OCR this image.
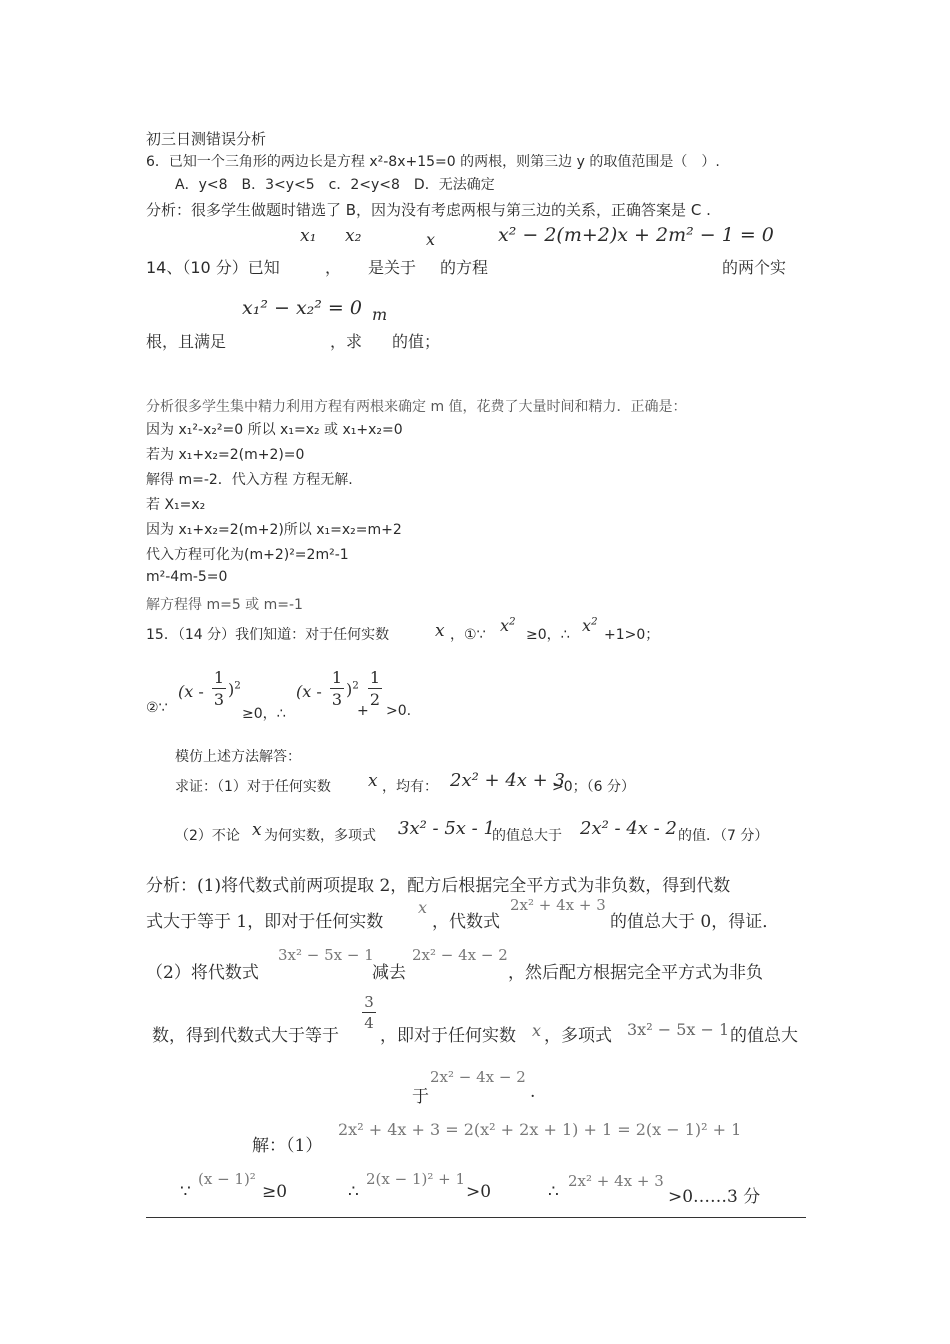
初三日测错误分析
6．已知一个三角形的两边长是方程 x²-8x+15=0 的两根，则第三边 y 的取值范围是（　）.
A．y<8　B．3<y<5　c．2<y<8　D．无法确定
分析：很多学生做题时错选了 B，因为没有考虑两根与第三边的关系，正确答案是 C .
x₁ x₂	x	x² − 2(m+2)x + 2m² − 1 = 0
14、（10 分）已知	， 是关于 的方程	的两个实
x₁² − x₂² = 0 m
根，且满足	，求 的值；
分析很多学生集中精力利用方程有两根来确定 m 值，花费了大量时间和精力．正确是：
因为 x₁²-x₂²=0 所以 x₁=x₂ 或 x₁+x₂=0
若为 x₁+x₂=2(m+2)=0
解得 m=-2．代入方程 方程无解.
若 X₁=x₂
因为 x₁+x₂=2(m+2)所以 x₁=x₂=m+2
代入方程可化为(m+2)²=2m²-1
m²-4m-5=0
解方程得 m=5 或 m=-1
15．（14 分）我们知道：对于任何实数	x ，①∵ $x^2$
≥0，∴ $x^2$
+1>0；
②∵
(x -
1
3
)$^2$
≥0，∴
(x -
1
3
)$^2$
+
1
2
>0.
模仿上述方法解答：
求证：（1）对于任何实数 x ，均有： 2x² + 4x + 3
>0；（6 分）
（2）不论 x 为何实数，多项式 3x² - 5x - 1
的值总大于 2x² - 4x - 2 的值．（7 分）
分析：(1)将代数式前两项提取 2，配方后根据完全平方式为非负数，得到代数
式大于等于 1，即对于任何实数
x
，代数式
2x² + 4x + 3
的值总大于 0，得证．
（2）将代数式
3x² − 5x − 1
减去
2x² − 4x − 2
，然后配方根据完全平方式为非负
数，得到代数式大于等于
3
4
，即对于任何实数 x ，多项式 3x² − 5x − 1 的值总大
于
2x² − 4x − 2
.
解：（1）
2x² + 4x + 3 = 2(x² + 2x + 1) + 1 = 2(x − 1)² + 1
∵
(x − 1)²
≥0	∴
2(x − 1)² + 1
>0	∴
2x² + 4x + 3
>0……3 分
